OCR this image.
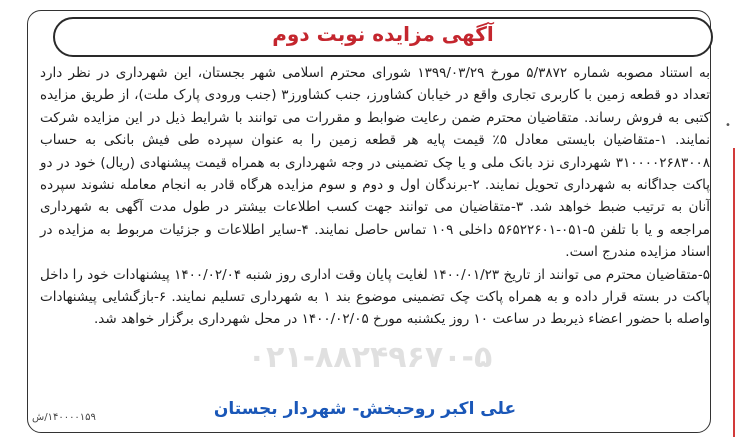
آگهی مزایده نوبت دوم

به استناد مصوبه شماره ۵/۳۸۷۲ مورخ ۱۳۹۹/۰۳/۲۹ شورای محترم اسلامی شهر بجستان، این شهرداری در نظر دارد تعداد دو قطعه زمین با کاربری تجاری واقع در خیابان کشاورز، جنب کشاورز۳ (جنب ورودی پارک ملت)، از طریق مزایده کتبی به فروش رساند. متقاضیان محترم ضمن رعایت ضوابط و مقررات می توانند با شرایط ذیل در این مزایده شرکت نمایند. ۱-متقاضیان بایستی معادل ۵٪ قیمت پایه هر قطعه زمین را به عنوان سپرده طی فیش بانکی به حساب ۳۱۰۰۰۰۲۶۸۳۰۰۸ شهرداری نزد بانک ملی و یا چک تضمینی در وجه شهرداری به همراه قیمت پیشنهادی (ریال) خود در دو پاکت جداگانه به شهرداری تحویل نمایند. ۲-برندگان اول و دوم و سوم مزایده هرگاه قادر به انجام معامله نشوند سپرده آنان به ترتیب ضبط خواهد شد. ۳-متقاضیان می توانند جهت کسب اطلاعات بیشتر در طول مدت آگهی به شهرداری مراجعه و یا با تلفن ۵-۰۵۱-۵۶۵۲۲۶۰۱ داخلی ۱۰۹ تماس حاصل نمایند. ۴-سایر اطلاعات و جزئیات مربوط به مزایده در اسناد مزایده مندرج است.

۵-متقاضیان محترم می توانند از تاریخ ۱۴۰۰/۰۱/۲۳ لغایت پایان وقت اداری روز شنبه ۱۴۰۰/۰۲/۰۴ پیشنهادات خود را داخل پاکت در بسته قرار داده و به همراه پاکت چک تضمینی موضوع بند ۱ به شهرداری تسلیم نمایند. ۶-بازگشایی پیشنهادات واصله با حضور اعضاء ذیربط در ساعت ۱۰ روز یکشنبه مورخ ۱۴۰۰/۰۲/۰۵ در محل شهرداری برگزار خواهد شد.

علی اکبر روحبخش- شهردار بجستان
۱۴۰۰۰۰۱۵۹/ش
•
